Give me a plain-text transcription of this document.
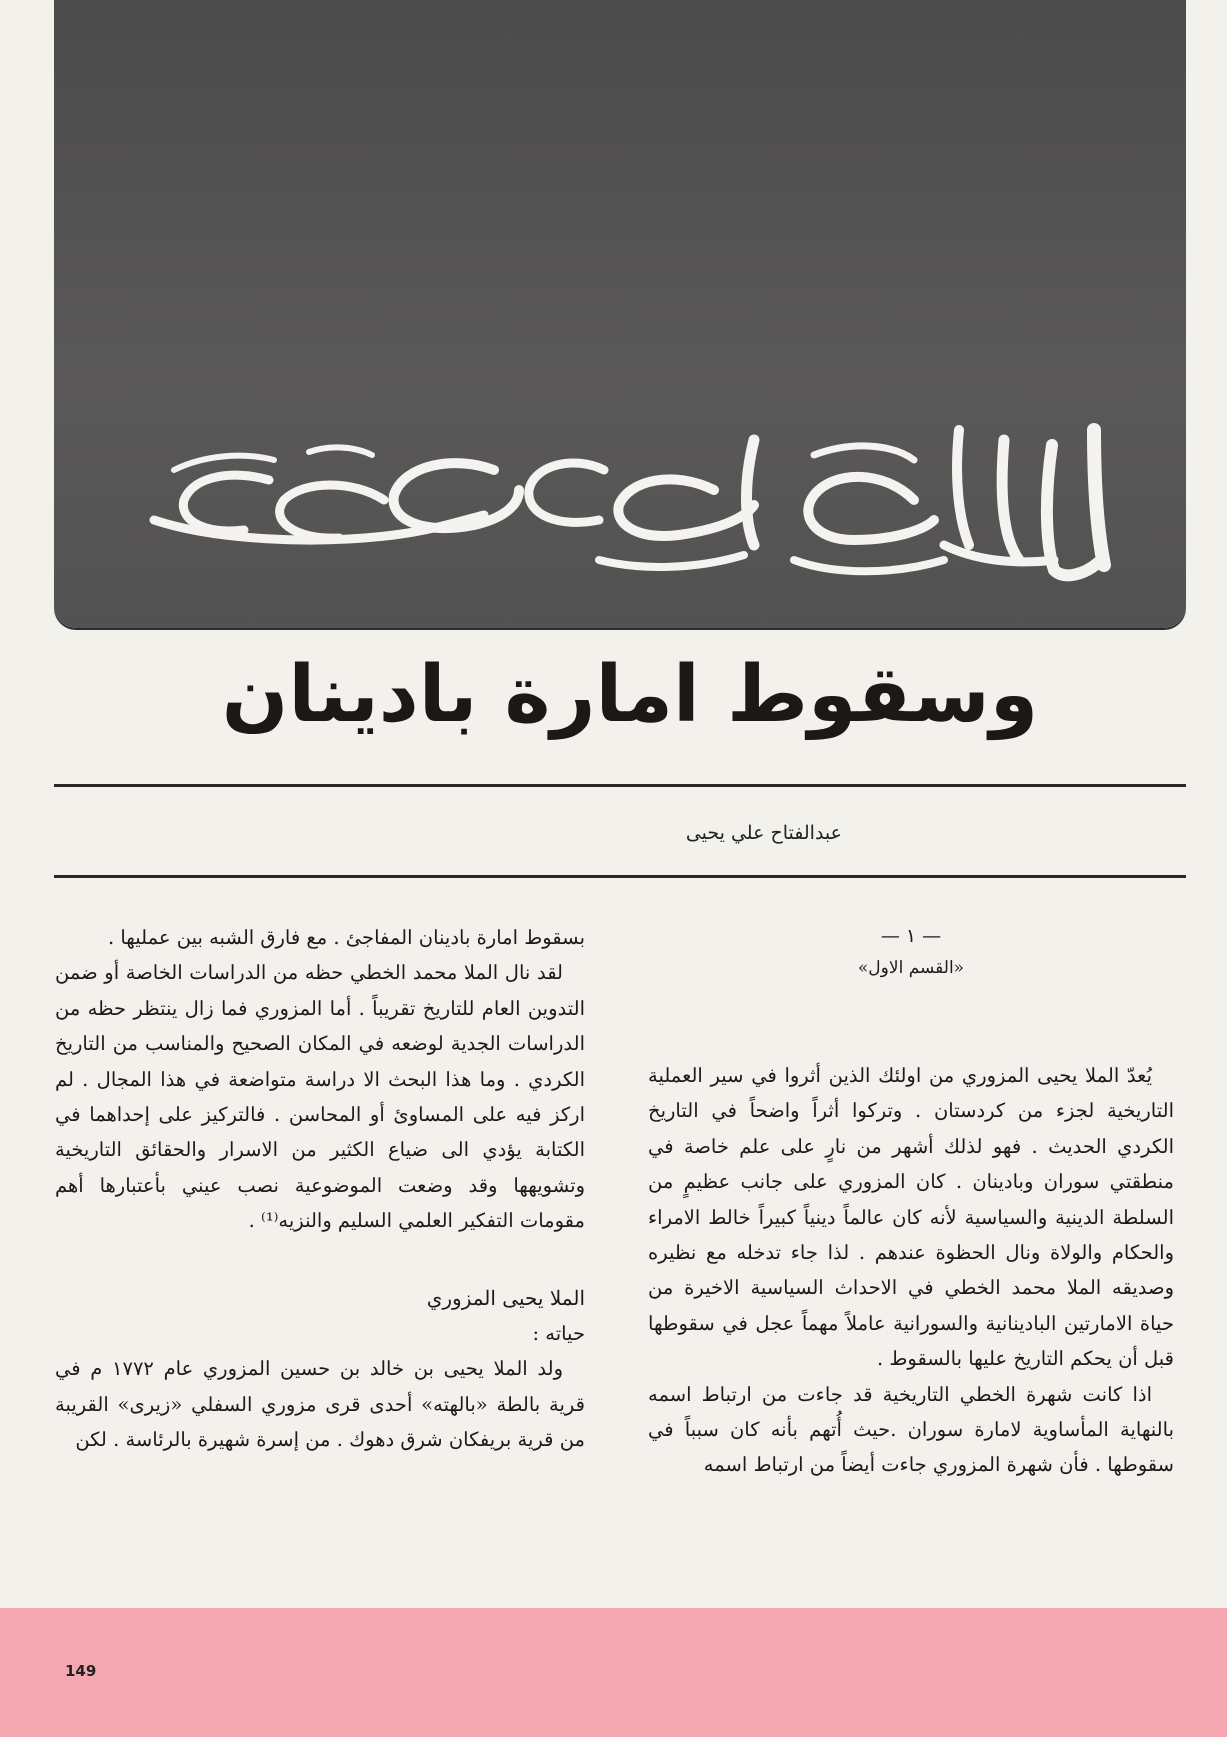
وسقوط امارة بادينان
عبدالفتاح علي يحيى
— ١ —
«القسم الاول»

يُعدّ الملا يحيى المزوري من اولئك الذين أثروا في سير العملية التاريخية لجزء من كردستان . وتركوا أثراً واضحاً في التاريخ الكردي الحديث . فهو لذلك أشهر من نارٍ على علم خاصة في منطقتي سوران وبادينان . كان المزوري على جانب عظيمٍ من السلطة الدينية والسياسية لأنه كان عالماً دينياً كبيراً خالط الامراء والحكام والولاة ونال الحظوة عندهم . لذا جاء تدخله مع نظيره وصديقه الملا محمد الخطي في الاحداث السياسية الاخيرة من حياة الامارتين البادينانية والسورانية عاملاً مهماً عجل في سقوطها قبل أن يحكم التاريخ عليها بالسقوط .

اذا كانت شهرة الخطي التاريخية قد جاءت من ارتباط اسمه بالنهاية المأساوية لامارة سوران .حيث أُتهم بأنه كان سبباً في سقوطها . فأن شهرة المزوري جاءت أيضاً من ارتباط اسمه

بسقوط امارة بادينان المفاجئ . مع فارق الشبه بين عمليها .

لقد نال الملا محمد الخطي حظه من الدراسات الخاصة أو ضمن التدوين العام للتاريخ تقريباً . أما المزوري فما زال ينتظر حظه من الدراسات الجدية لوضعه في المكان الصحيح والمناسب من التاريخ الكردي . وما هذا البحث الا دراسة متواضعة في هذا المجال . لم اركز فيه على المساوئ أو المحاسن . فالتركيز على إحداهما في الكتابة يؤدي الى ضياع الكثير من الاسرار والحقائق التاريخية وتشويهها وقد وضعت الموضوعية نصب عيني بأعتبارها أهم مقومات التفكير العلمي السليم والنزيه⁽¹⁾ .

الملا يحيى المزوري

حياته :

ولد الملا يحيى بن خالد بن حسين المزوري عام ١٧٧٢ م في قرية بالطة «بالهته» أحدى قرى مزوري السفلي «زيرى» القريبة من قرية بريفكان شرق دهوك . من إسرة شهيرة بالرئاسة . لكن

149
